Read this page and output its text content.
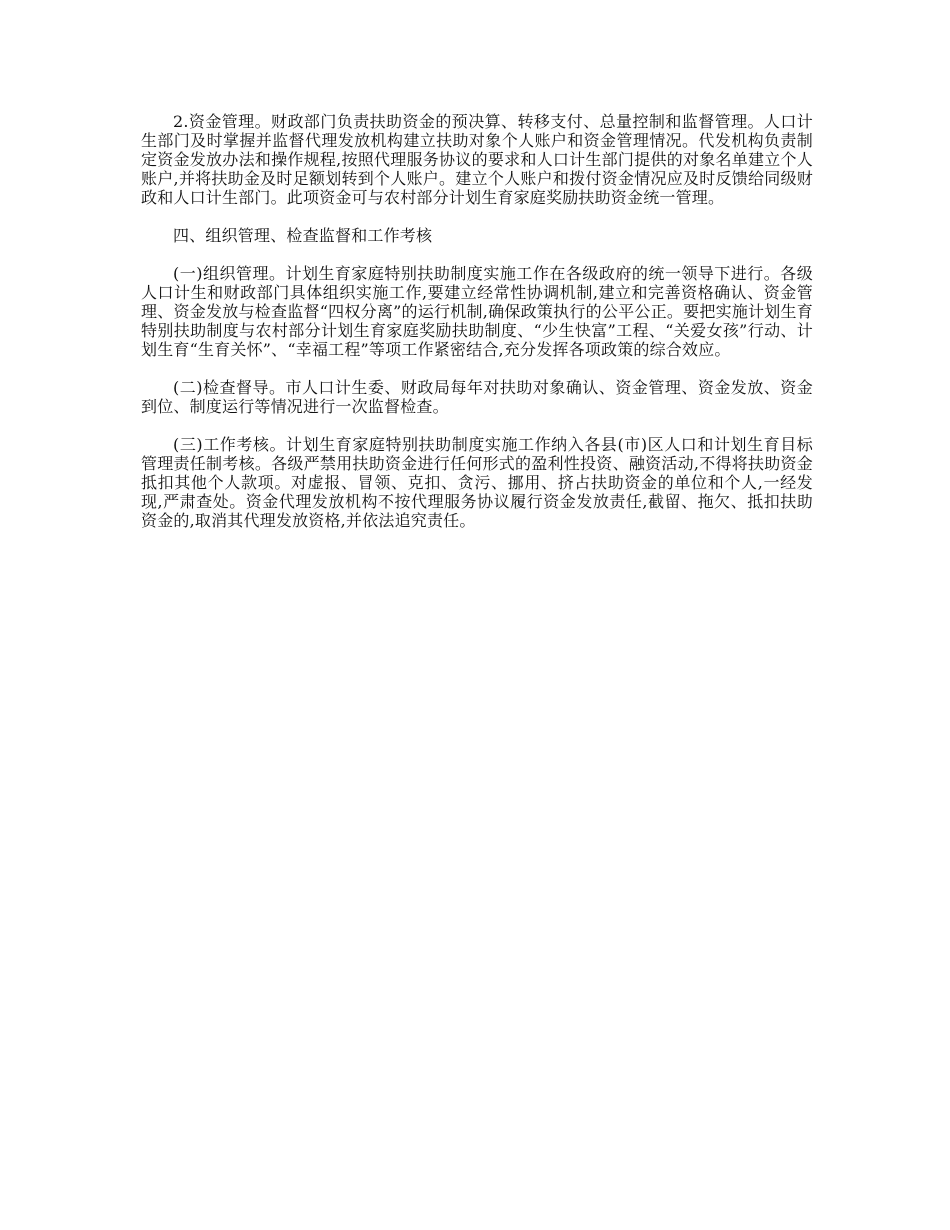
2.资金管理。财政部门负责扶助资金的预决算、转移支付、总量控制和监督管理。人口计生部门及时掌握并监督代理发放机构建立扶助对象个人账户和资金管理情况。代发机构负责制定资金发放办法和操作规程,按照代理服务协议的要求和人口计生部门提供的对象名单建立个人账户,并将扶助金及时足额划转到个人账户。建立个人账户和拨付资金情况应及时反馈给同级财政和人口计生部门。此项资金可与农村部分计划生育家庭奖励扶助资金统一管理。

四、组织管理、检查监督和工作考核

(一)组织管理。计划生育家庭特别扶助制度实施工作在各级政府的统一领导下进行。各级人口计生和财政部门具体组织实施工作,要建立经常性协调机制,建立和完善资格确认、资金管理、资金发放与检查监督“四权分离”的运行机制,确保政策执行的公平公正。要把实施计划生育特别扶助制度与农村部分计划生育家庭奖励扶助制度、“少生快富”工程、“关爱女孩”行动、计划生育“生育关怀”、“幸福工程”等项工作紧密结合,充分发挥各项政策的综合效应。

(二)检查督导。市人口计生委、财政局每年对扶助对象确认、资金管理、资金发放、资金到位、制度运行等情况进行一次监督检查。

(三)工作考核。计划生育家庭特别扶助制度实施工作纳入各县(市)区人口和计划生育目标管理责任制考核。各级严禁用扶助资金进行任何形式的盈利性投资、融资活动,不得将扶助资金抵扣其他个人款项。对虚报、冒领、克扣、贪污、挪用、挤占扶助资金的单位和个人,一经发现,严肃查处。资金代理发放机构不按代理服务协议履行资金发放责任,截留、拖欠、抵扣扶助资金的,取消其代理发放资格,并依法追究责任。
